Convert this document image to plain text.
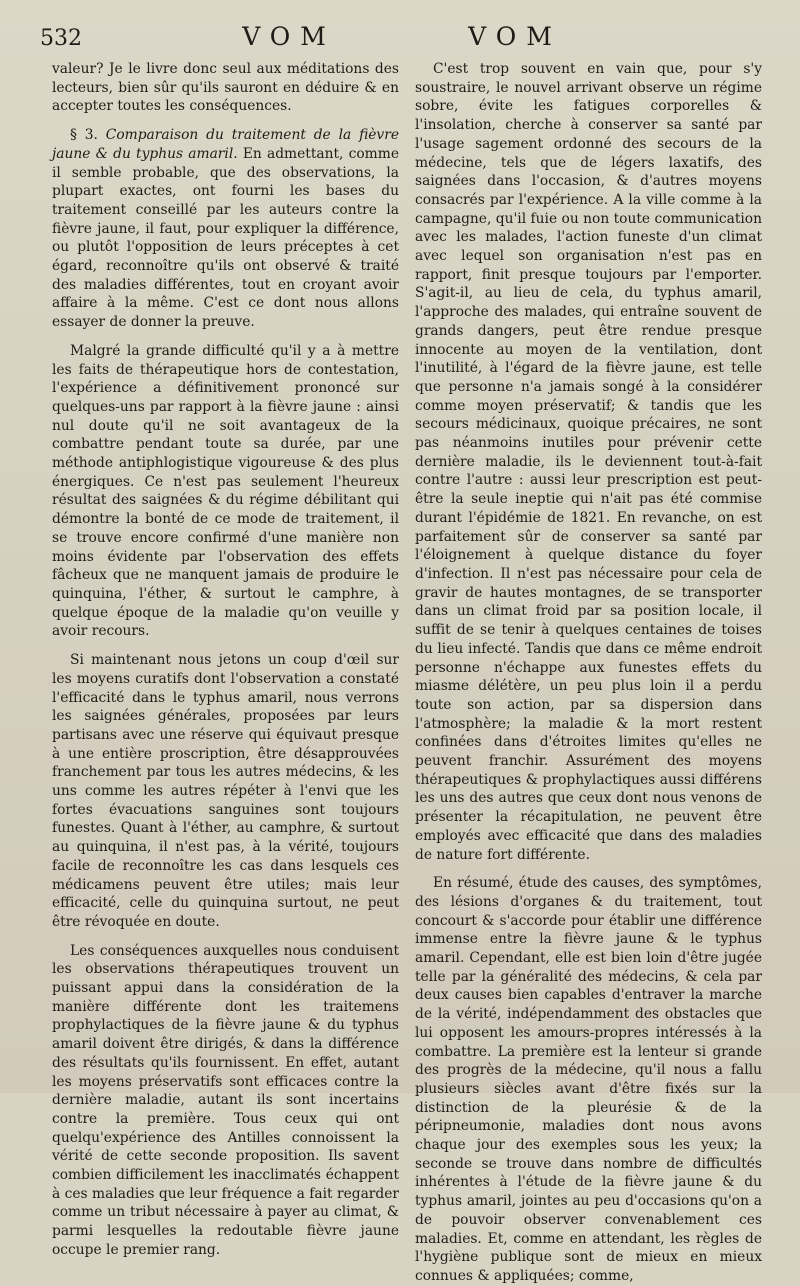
532	VOM	VOM

valeur? Je le livre donc seul aux méditations des lecteurs, bien sûr qu'ils sauront en déduire & en accepter toutes les conséquences.

§ 3. Comparaison du traitement de la fièvre jaune & du typhus amaril. En admettant, comme il semble probable, que des observations, la plupart exactes, ont fourni les bases du traitement conseillé par les auteurs contre la fièvre jaune, il faut, pour expliquer la différence, ou plutôt l'opposition de leurs préceptes à cet égard, reconnoître qu'ils ont observé & traité des maladies différentes, tout en croyant avoir affaire à la même. C'est ce dont nous allons essayer de donner la preuve.

Malgré la grande difficulté qu'il y a à mettre les faits de thérapeutique hors de contestation, l'expérience a définitivement prononcé sur quelques-uns par rapport à la fièvre jaune : ainsi nul doute qu'il ne soit avantageux de la combattre pendant toute sa durée, par une méthode antiphlogistique vigoureuse & des plus énergiques. Ce n'est pas seulement l'heureux résultat des saignées & du régime débilitant qui démontre la bonté de ce mode de traitement, il se trouve encore confirmé d'une manière non moins évidente par l'observation des effets fâcheux que ne manquent jamais de produire le quinquina, l'éther, & surtout le camphre, à quelque époque de la maladie qu'on veuille y avoir recours.

Si maintenant nous jetons un coup d'œil sur les moyens curatifs dont l'observation a constaté l'efficacité dans le typhus amaril, nous verrons les saignées générales, proposées par leurs partisans avec une réserve qui équivaut presque à une entière proscription, être désapprouvées franchement par tous les autres médecins, & les uns comme les autres répéter à l'envi que les fortes évacuations sanguines sont toujours funestes. Quant à l'éther, au camphre, & surtout au quinquina, il n'est pas, à la vérité, toujours facile de reconnoître les cas dans lesquels ces médicamens peuvent être utiles; mais leur efficacité, celle du quinquina surtout, ne peut être révoquée en doute.

Les conséquences auxquelles nous conduisent les observations thérapeutiques trouvent un puissant appui dans la considération de la manière différente dont les traitemens prophylactiques de la fièvre jaune & du typhus amaril doivent être dirigés, & dans la différence des résultats qu'ils fournissent. En effet, autant les moyens préservatifs sont efficaces contre la dernière maladie, autant ils sont incertains contre la première. Tous ceux qui ont quelqu'expérience des Antilles connoissent la vérité de cette seconde proposition. Ils savent combien difficilement les inacclimatés échappent à ces maladies que leur fréquence a fait regarder comme un tribut nécessaire à payer au climat, & parmi lesquelles la redoutable fièvre jaune occupe le premier rang.

C'est trop souvent en vain que, pour s'y soustraire, le nouvel arrivant observe un régime sobre, évite les fatigues corporelles & l'insolation, cherche à conserver sa santé par l'usage sagement ordonné des secours de la médecine, tels que de légers laxatifs, des saignées dans l'occasion, & d'autres moyens consacrés par l'expérience. A la ville comme à la campagne, qu'il fuie ou non toute communication avec les malades, l'action funeste d'un climat avec lequel son organisation n'est pas en rapport, finit presque toujours par l'emporter. S'agit-il, au lieu de cela, du typhus amaril, l'approche des malades, qui entraîne souvent de grands dangers, peut être rendue presque innocente au moyen de la ventilation, dont l'inutilité, à l'égard de la fièvre jaune, est telle que personne n'a jamais songé à la considérer comme moyen préservatif; & tandis que les secours médicinaux, quoique précaires, ne sont pas néanmoins inutiles pour prévenir cette dernière maladie, ils le deviennent tout-à-fait contre l'autre : aussi leur prescription est peut-être la seule ineptie qui n'ait pas été commise durant l'épidémie de 1821. En revanche, on est parfaitement sûr de conserver sa santé par l'éloignement à quelque distance du foyer d'infection. Il n'est pas nécessaire pour cela de gravir de hautes montagnes, de se transporter dans un climat froid par sa position locale, il suffit de se tenir à quelques centaines de toises du lieu infecté. Tandis que dans ce même endroit personne n'échappe aux funestes effets du miasme délétère, un peu plus loin il a perdu toute son action, par sa dispersion dans l'atmosphère; la maladie & la mort restent confinées dans d'étroites limites qu'elles ne peuvent franchir. Assurément des moyens thérapeutiques & prophylactiques aussi différens les uns des autres que ceux dont nous venons de présenter la récapitulation, ne peuvent être employés avec efficacité que dans des maladies de nature fort différente.

En résumé, étude des causes, des symptômes, des lésions d'organes & du traitement, tout concourt & s'accorde pour établir une différence immense entre la fièvre jaune & le typhus amaril. Cependant, elle est bien loin d'être jugée telle par la généralité des médecins, & cela par deux causes bien capables d'entraver la marche de la vérité, indépendamment des obstacles que lui opposent les amours-propres intéressés à la combattre. La première est la lenteur si grande des progrès de la médecine, qu'il nous a fallu plusieurs siècles avant d'être fixés sur la distinction de la pleurésie & de la péripneumonie, maladies dont nous avons chaque jour des exemples sous les yeux; la seconde se trouve dans nombre de difficultés inhérentes à l'étude de la fièvre jaune & du typhus amaril, jointes au peu d'occasions qu'on a de pouvoir observer convenablement ces maladies. Et, comme en attendant, les règles de l'hygiène publique sont de mieux en mieux connues & appliquées; comme,
